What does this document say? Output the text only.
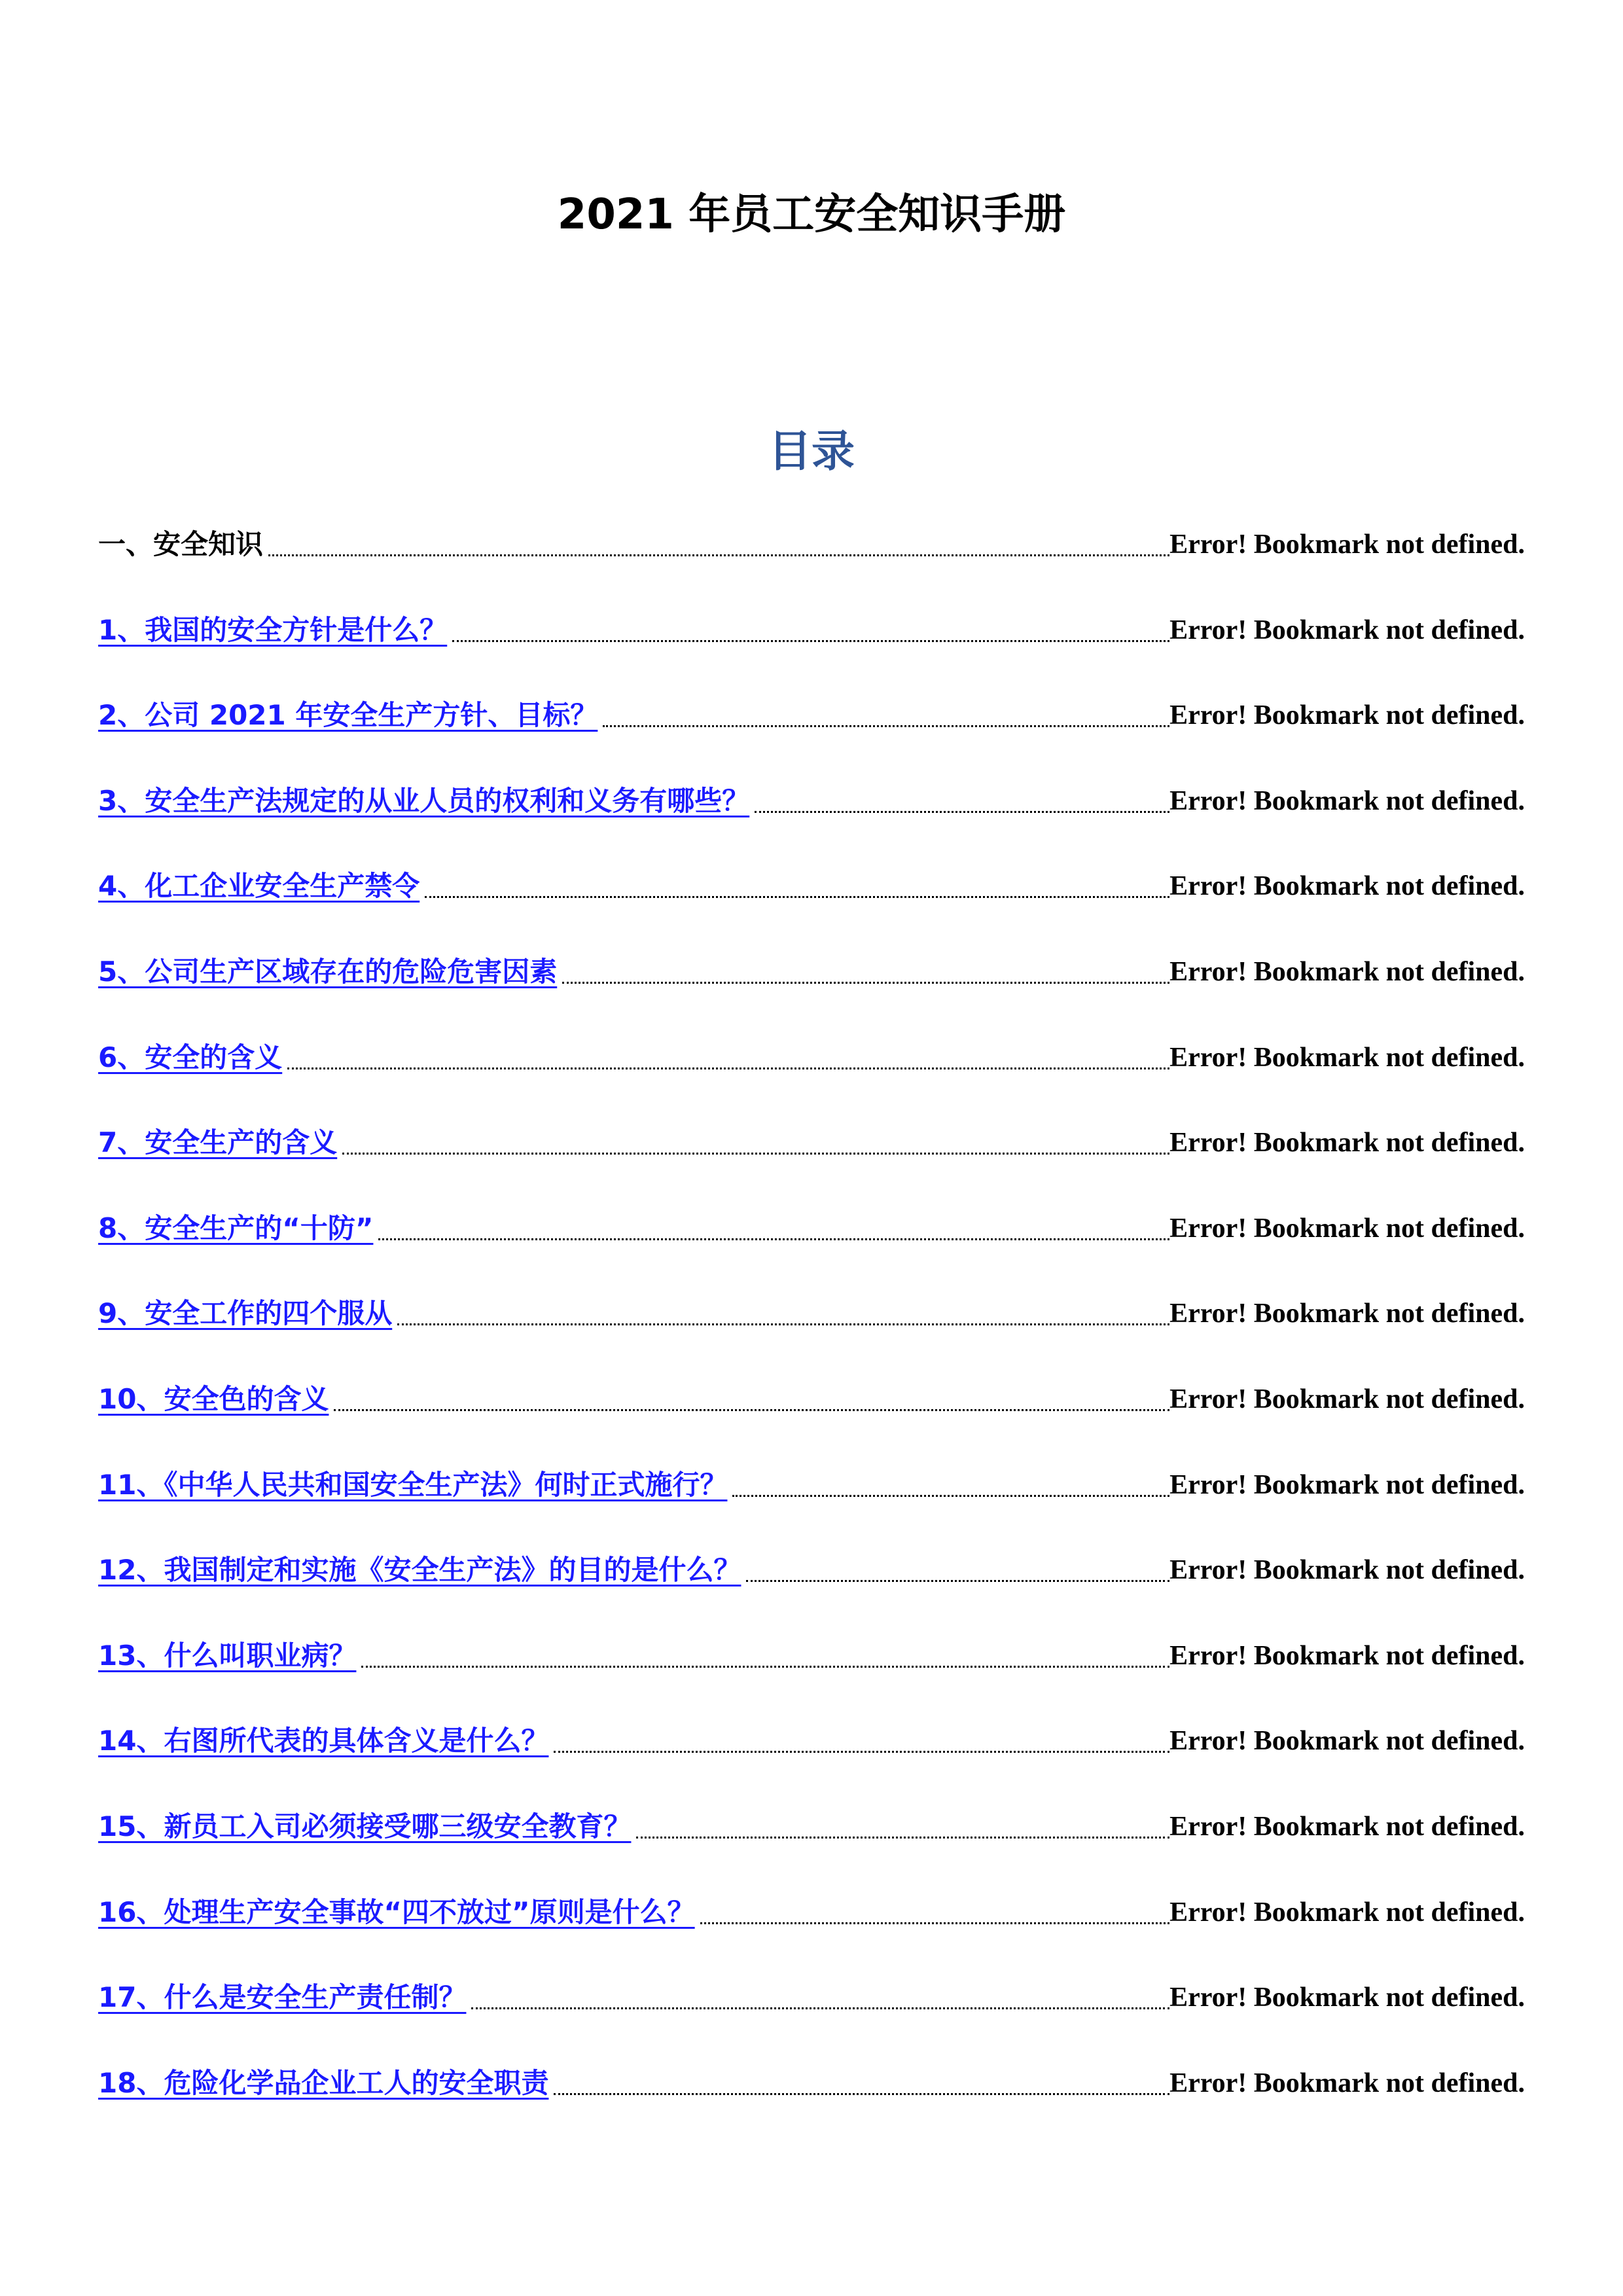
2021 年员工安全知识手册
目录
一、安全知识	Error! Bookmark not defined.
1、我国的安全方针是什么？	Error! Bookmark not defined.
2、公司 2021 年安全生产方针、目标？	Error! Bookmark not defined.
3、安全生产法规定的从业人员的权利和义务有哪些？	Error! Bookmark not defined.
4、化工企业安全生产禁令	Error! Bookmark not defined.
5、公司生产区域存在的危险危害因素	Error! Bookmark not defined.
6、安全的含义	Error! Bookmark not defined.
7、安全生产的含义	Error! Bookmark not defined.
8、安全生产的“十防”	Error! Bookmark not defined.
9、安全工作的四个服从	Error! Bookmark not defined.
10、安全色的含义	Error! Bookmark not defined.
11、《中华人民共和国安全生产法》何时正式施行？	Error! Bookmark not defined.
12、我国制定和实施《安全生产法》的目的是什么？	Error! Bookmark not defined.
13、什么叫职业病？	Error! Bookmark not defined.
14、右图所代表的具体含义是什么？	Error! Bookmark not defined.
15、新员工入司必须接受哪三级安全教育？	Error! Bookmark not defined.
16、处理生产安全事故“四不放过”原则是什么？	Error! Bookmark not defined.
17、什么是安全生产责任制？	Error! Bookmark not defined.
18、危险化学品企业工人的安全职责	Error! Bookmark not defined.
